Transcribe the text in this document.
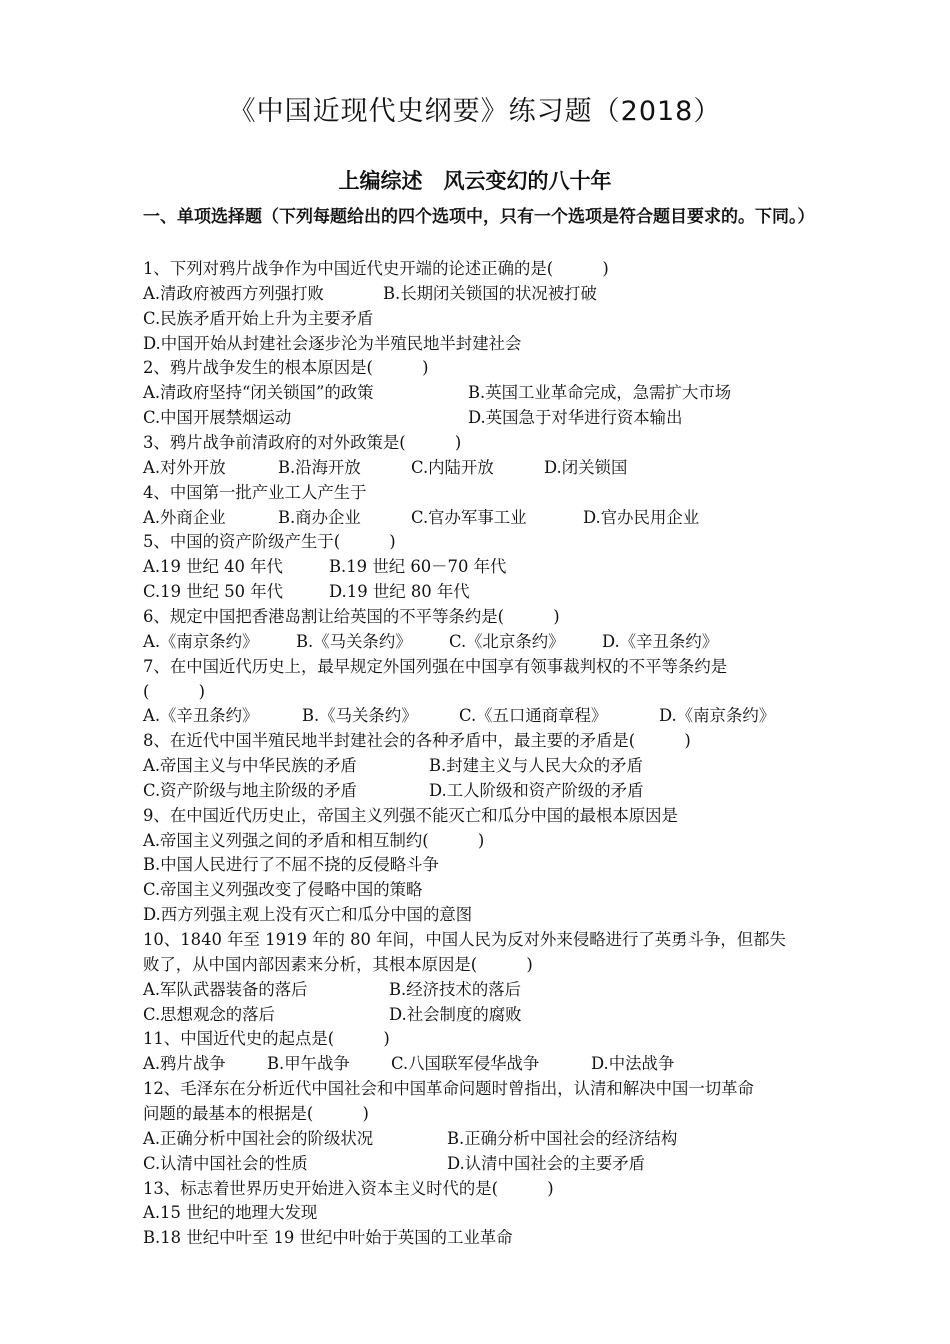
《中国近现代史纲要》练习题（2018）
上编综述　风云变幻的八十年
一、单项选择题（下列每题给出的四个选项中，只有一个选项是符合题目要求的。下同。）
1、下列对鸦片战争作为中国近代史开端的论述正确的是(　　　)
A.清政府被西方列强打败	B.长期闭关锁国的状况被打破
C.民族矛盾开始上升为主要矛盾
D.中国开始从封建社会逐步沦为半殖民地半封建社会
2、鸦片战争发生的根本原因是(　　　)
A.清政府坚持“闭关锁国”的政策	B.英国工业革命完成，急需扩大市场
C.中国开展禁烟运动	D.英国急于对华进行资本输出
3、鸦片战争前清政府的对外政策是(　　　)
A.对外开放	B.沿海开放	C.内陆开放	D.闭关锁国
4、中国第一批产业工人产生于
A.外商企业	B.商办企业	C.官办军事工业	D.官办民用企业
5、中国的资产阶级产生于(　　　)
A.19 世纪 40 年代	B.19 世纪 60－70 年代
C.19 世纪 50 年代	D.19 世纪 80 年代
6、规定中国把香港岛割让给英国的不平等条约是(　　　)
A.《南京条约》 B.《马关条约》 C.《北京条约》 D.《辛丑条约》
7、在中国近代历史上，最早规定外国列强在中国享有领事裁判权的不平等条约是
(　　　)
A.《辛丑条约》	B.《马关条约》	C.《五口通商章程》	D.《南京条约》
8、在近代中国半殖民地半封建社会的各种矛盾中，最主要的矛盾是(　　　)
A.帝国主义与中华民族的矛盾	B.封建主义与人民大众的矛盾
C.资产阶级与地主阶级的矛盾	D.工人阶级和资产阶级的矛盾
9、在中国近代历史止，帝国主义列强不能灭亡和瓜分中国的最根本原因是
A.帝国主义列强之间的矛盾和相互制约(　　　)
B.中国人民进行了不屈不挠的反侵略斗争
C.帝国主义列强改变了侵略中国的策略
D.西方列强主观上没有灭亡和瓜分中国的意图
10、1840 年至 1919 年的 80 年间，中国人民为反对外来侵略进行了英勇斗争，但都失
败了，从中国内部因素来分析，其根本原因是(　　　)
A.军队武器装备的落后	B.经济技术的落后
C.思想观念的落后	D.社会制度的腐败
11、中国近代史的起点是(　　　)
A.鸦片战争	B.甲午战争	C.八国联军侵华战争	D.中法战争
12、毛泽东在分析近代中国社会和中国革命问题时曾指出，认清和解决中国一切革命
问题的最基本的根据是(　　　)
A.正确分析中国社会的阶级状况	B.正确分析中国社会的经济结构
C.认清中国社会的性质	D.认清中国社会的主要矛盾
13、标志着世界历史开始进入资本主义时代的是(　　　)
A.15 世纪的地理大发现
B.18 世纪中叶至 19 世纪中叶始于英国的工业革命
